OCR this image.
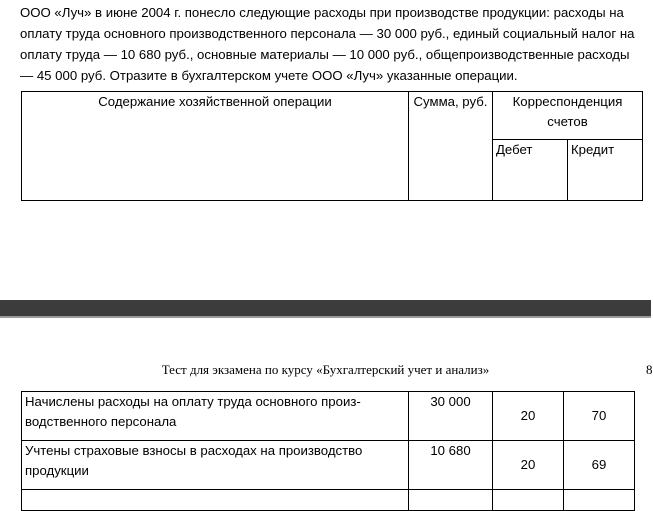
ООО «Луч» в июне 2004 г. понесло следующие расходы при производстве продукции: расходы на оплату труда основного производственного персонала — 30 000 руб., единый социальный налог на оплату труда — 10 680 руб., основные материалы — 10 000 руб., общепроизводственные расходы — 45 000 руб. Отразите в бухгалтерском учете ООО «Луч» указанные операции.
Содержание хозяйственной операции	Сумма, руб.	Корреспонденция счетов	
		Дебет	Кредит
Тест для экзамена по курсу «Бухгалтерский учет и анализ»	8
Начислены расходы на оплату труда основного произ-водственного персонала	30 000	20	70
Учтены страховые взносы в расходах на производство продукции	10 680	20	69
